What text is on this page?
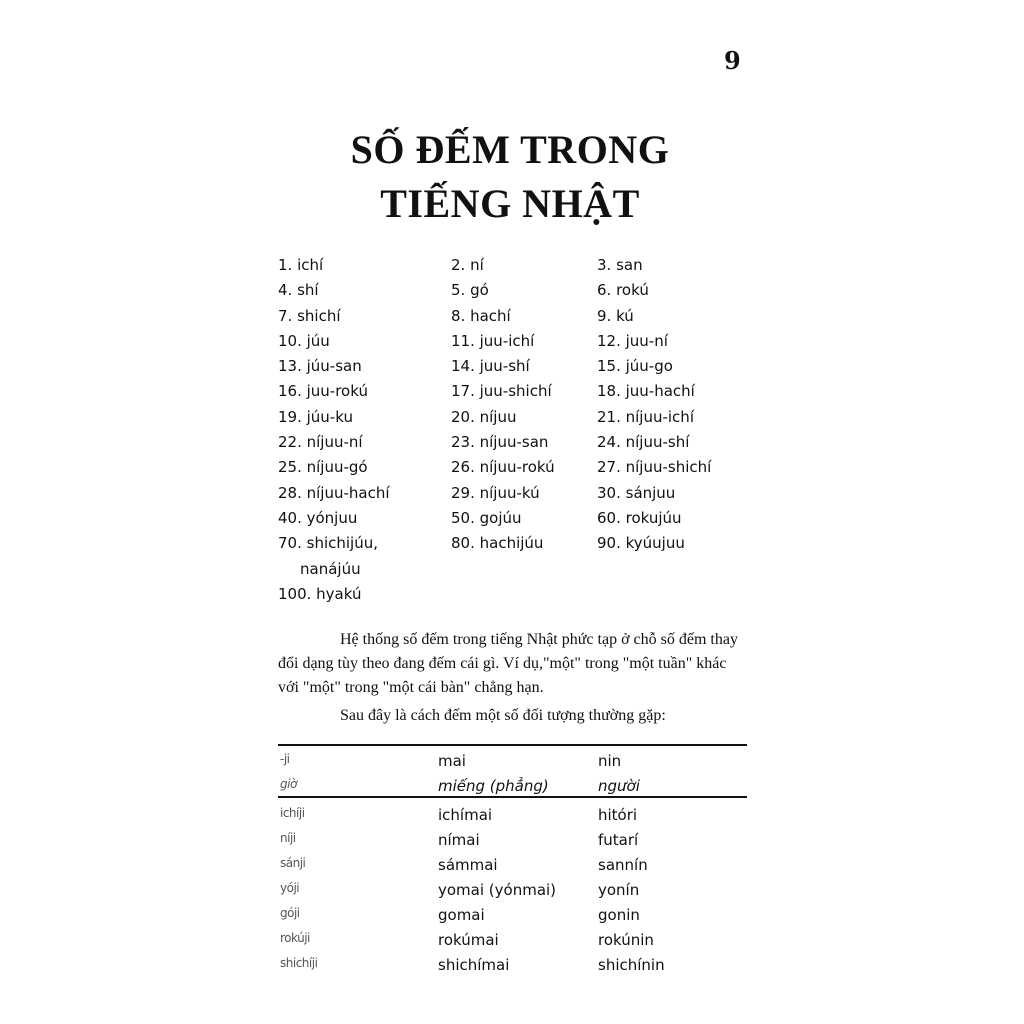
9
SỐ ĐẾM TRONG
TIẾNG NHẬT
1. ichí	2. ní	3. san
4. shí	5. gó	6. rokú
7. shichí	8. hachí	9. kú
10. júu	11. juu-ichí	12. juu-ní
13. júu-san	14. juu-shí	15. júu-go
16. juu-rokú	17. juu-shichí	18. juu-hachí
19. júu-ku	20. níjuu	21. níjuu-ichí
22. níjuu-ní	23. níjuu-san	24. níjuu-shí
25. níjuu-gó	26. níjuu-rokú	27. níjuu-shichí
28. níjuu-hachí	29. níjuu-kú	30. sánjuu
40. yónjuu	50. gojúu	60. rokujúu
70. shichijúu,	80. hachijúu	90. kyúujuu
nanájúu
100. hyakú
Hệ thống số đếm trong tiếng Nhật phức tạp ở chỗ số đếm thay đổi dạng tùy theo đang đếm cái gì. Ví dụ,"một" trong "một tuần" khác với "một" trong "một cái bàn" chẳng hạn.
Sau đây là cách đếm một số đối tượng thường gặp:
-ji	mai	nin
giờ	miếng (phẳng)	người
ichíji	ichímai	hitóri
níji	nímai	futarí
sánji	sámmai	sannín
yóji	yomai (yónmai)	yonín
góji	gomai	gonin
rokúji	rokúmai	rokúnin
shichíji	shichímai	shichínin
